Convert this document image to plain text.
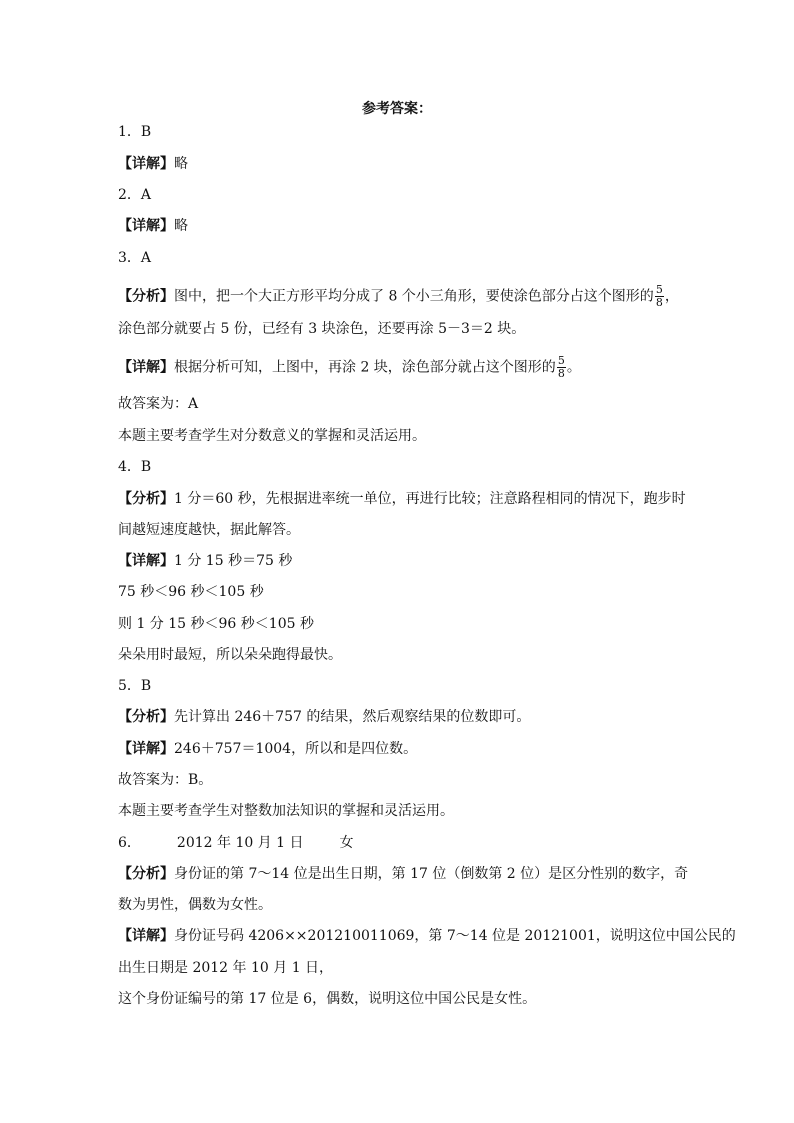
参考答案：
1．B
【详解】略
2．A
【详解】略
3．A
【分析】图中，把一个大正方形平均分成了 8 个小三角形，要使涂色部分占这个图形的 $\frac{5}{8}$ ，
涂色部分就要占 5 份，已经有 3 块涂色，还要再涂 5－3＝2 块。
【详解】根据分析可知，上图中，再涂 2 块，涂色部分就占这个图形的 $\frac{5}{8}$ 。
故答案为：A
本题主要考查学生对分数意义的掌握和灵活运用。
4．B
【分析】1 分＝60 秒，先根据进率统一单位，再进行比较；注意路程相同的情况下，跑步时
间越短速度越快，据此解答。
【详解】1 分 15 秒＝75 秒
75 秒＜96 秒＜105 秒
则 1 分 15 秒＜96 秒＜105 秒
朵朵用时最短，所以朵朵跑得最快。
5．B
【分析】先计算出 246＋757 的结果，然后观察结果的位数即可。
【详解】246＋757＝1004，所以和是四位数。
故答案为：B。
本题主要考查学生对整数加法知识的掌握和灵活运用。
6．	2012 年 10 月 1 日	女
【分析】身份证的第 7～14 位是出生日期，第 17 位（倒数第 2 位）是区分性别的数字，奇
数为男性，偶数为女性。
【详解】身份证号码 4206××201210011069，第 7～14 位是 20121001，说明这位中国公民的
出生日期是 2012 年 10 月 1 日，
这个身份证编号的第 17 位是 6，偶数，说明这位中国公民是女性。
